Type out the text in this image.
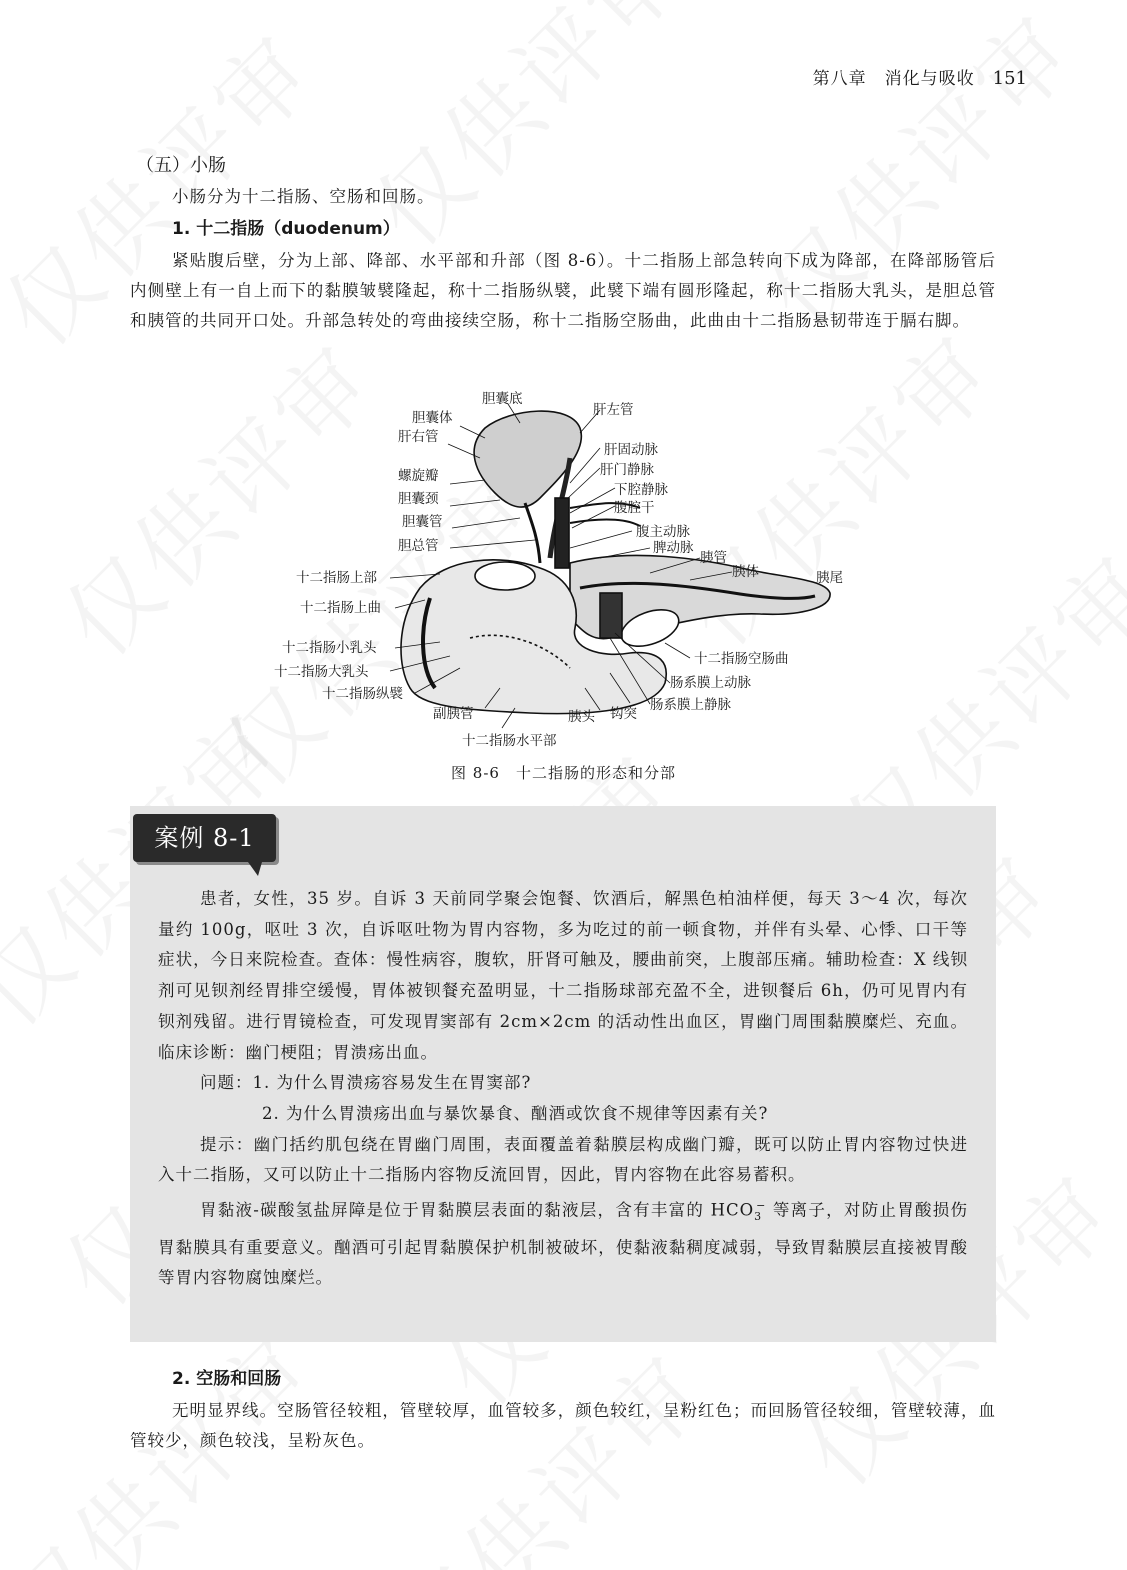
第八章　消化与吸收 151
（五）小肠

小肠分为十二指肠、空肠和回肠。

1. 十二指肠（duodenum）

紧贴腹后壁，分为上部、降部、水平部和升部（图 8-6）。十二指肠上部急转向下成为降部，在降部肠管后内侧壁上有一自上而下的黏膜皱襞隆起，称十二指肠纵襞，此襞下端有圆形隆起，称十二指肠大乳头，是胆总管和胰管的共同开口处。升部急转处的弯曲接续空肠，称十二指肠空肠曲，此曲由十二指肠悬韧带连于膈右脚。

胆囊底
胆囊体
肝右管
螺旋瓣
胆囊颈
胆囊管
胆总管
十二指肠上部
十二指肠上曲
十二指肠小乳头
十二指肠大乳头
十二指肠纵襞
副胰管
十二指肠水平部
胰头 钩突
肝左管
肝固动脉
肝门静脉
下腔静脉
腹腔干
腹主动脉
脾动脉
胰管
胰体	胰尾
十二指肠空肠曲
肠系膜上动脉
肠系膜上静脉
图 8-6　十二指肠的形态和分部
案例 8-1

患者，女性，35 岁。自诉 3 天前同学聚会饱餐、饮酒后，解黑色柏油样便，每天 3～4 次，每次量约 100g，呕吐 3 次，自诉呕吐物为胃内容物，多为吃过的前一顿食物，并伴有头晕、心悸、口干等症状，今日来院检查。查体：慢性病容，腹软，肝肾可触及，腰曲前突，上腹部压痛。辅助检查：X 线钡剂可见钡剂经胃排空缓慢，胃体被钡餐充盈明显，十二指肠球部充盈不全，进钡餐后 6h，仍可见胃内有钡剂残留。进行胃镜检查，可发现胃窦部有 2cm×2cm 的活动性出血区，胃幽门周围黏膜糜烂、充血。临床诊断：幽门梗阻；胃溃疡出血。

问题：1. 为什么胃溃疡容易发生在胃窦部?

2. 为什么胃溃疡出血与暴饮暴食、酗酒或饮食不规律等因素有关?

提示：幽门括约肌包绕在胃幽门周围，表面覆盖着黏膜层构成幽门瓣，既可以防止胃内容物过快进入十二指肠，又可以防止十二指肠内容物反流回胃，因此，胃内容物在此容易蓄积。

胃黏液-碳酸氢盐屏障是位于胃黏膜层表面的黏液层，含有丰富的 $HCO_3^-$ 等离子，对防止胃酸损伤胃黏膜具有重要意义。酗酒可引起胃黏膜保护机制被破坏，使黏液黏稠度减弱，导致胃黏膜层直接被胃酸等胃内容物腐蚀糜烂。

2. 空肠和回肠

无明显界线。空肠管径较粗，管壁较厚，血管较多，颜色较红，呈粉红色；而回肠管径较细，管壁较薄，血管较少，颜色较浅，呈粉灰色。
